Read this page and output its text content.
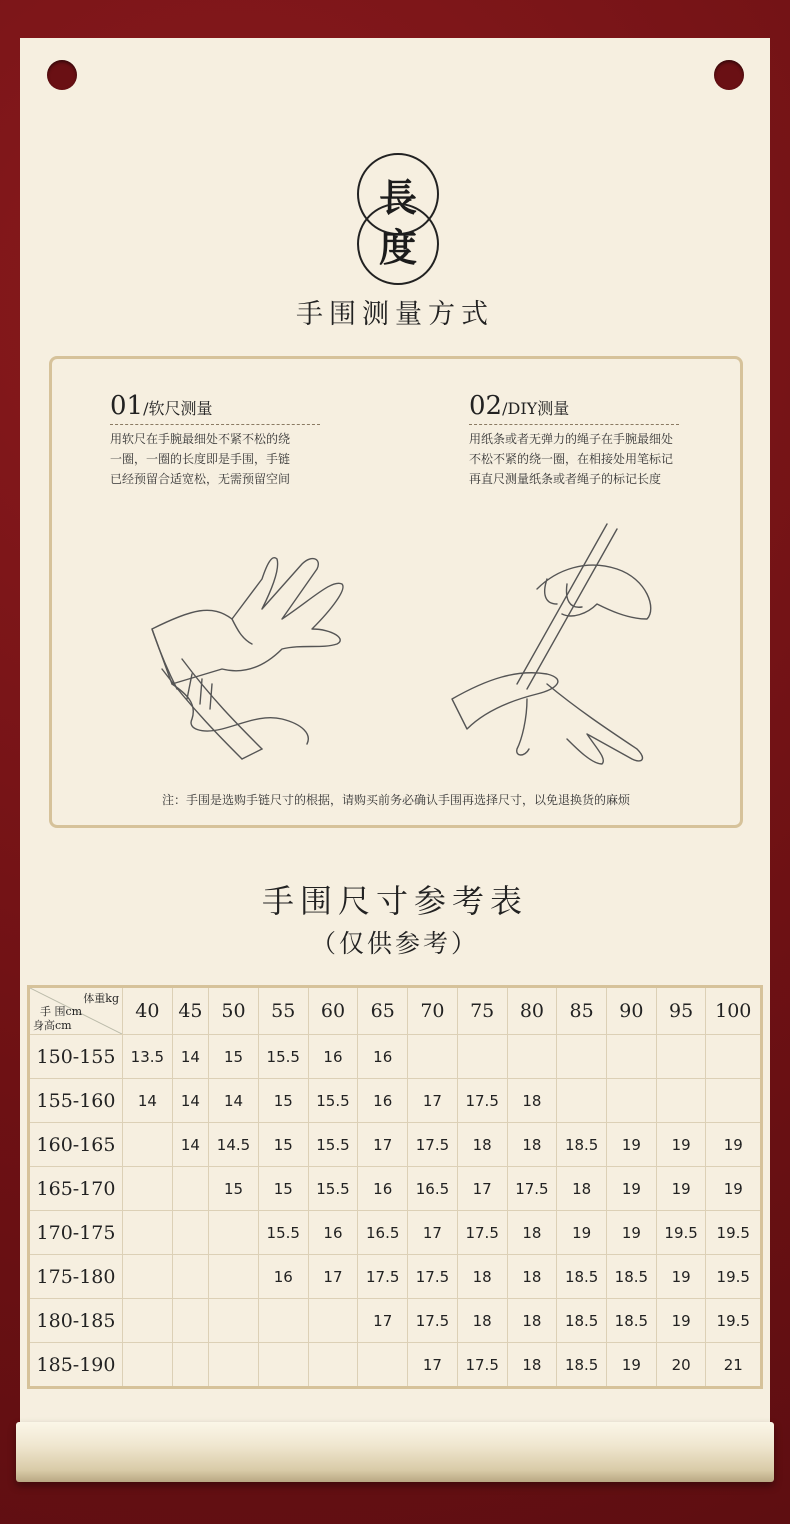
長
度
手围测量方式
01/软尺测量
用软尺在手腕最细处不紧不松的绕
一圈，一圈的长度即是手围，手链
已经预留合适宽松，无需预留空间
02/DIY测量
用纸条或者无弹力的绳子在手腕最细处
不松不紧的绕一圈，在相接处用笔标记
再直尺测量纸条或者绳子的标记长度
注：手围是选购手链尺寸的根据，请购买前务必确认手围再选择尺寸，以免退换货的麻烦
手围尺寸参考表
（仅供参考）
体重kg
手 围cm
身高cm	40	45	50	55	60	65	70	75	80	85	90	95	100
150-155	13.5	14	15	15.5	16	16							
155-160	14	14	14	15	15.5	16	17	17.5	18				
160-165		14	14.5	15	15.5	17	17.5	18	18	18.5	19	19	19
165-170			15	15	15.5	16	16.5	17	17.5	18	19	19	19
170-175				15.5	16	16.5	17	17.5	18	19	19	19.5	19.5
175-180				16	17	17.5	17.5	18	18	18.5	18.5	19	19.5
180-185						17	17.5	18	18	18.5	18.5	19	19.5
185-190							17	17.5	18	18.5	19	20	21
